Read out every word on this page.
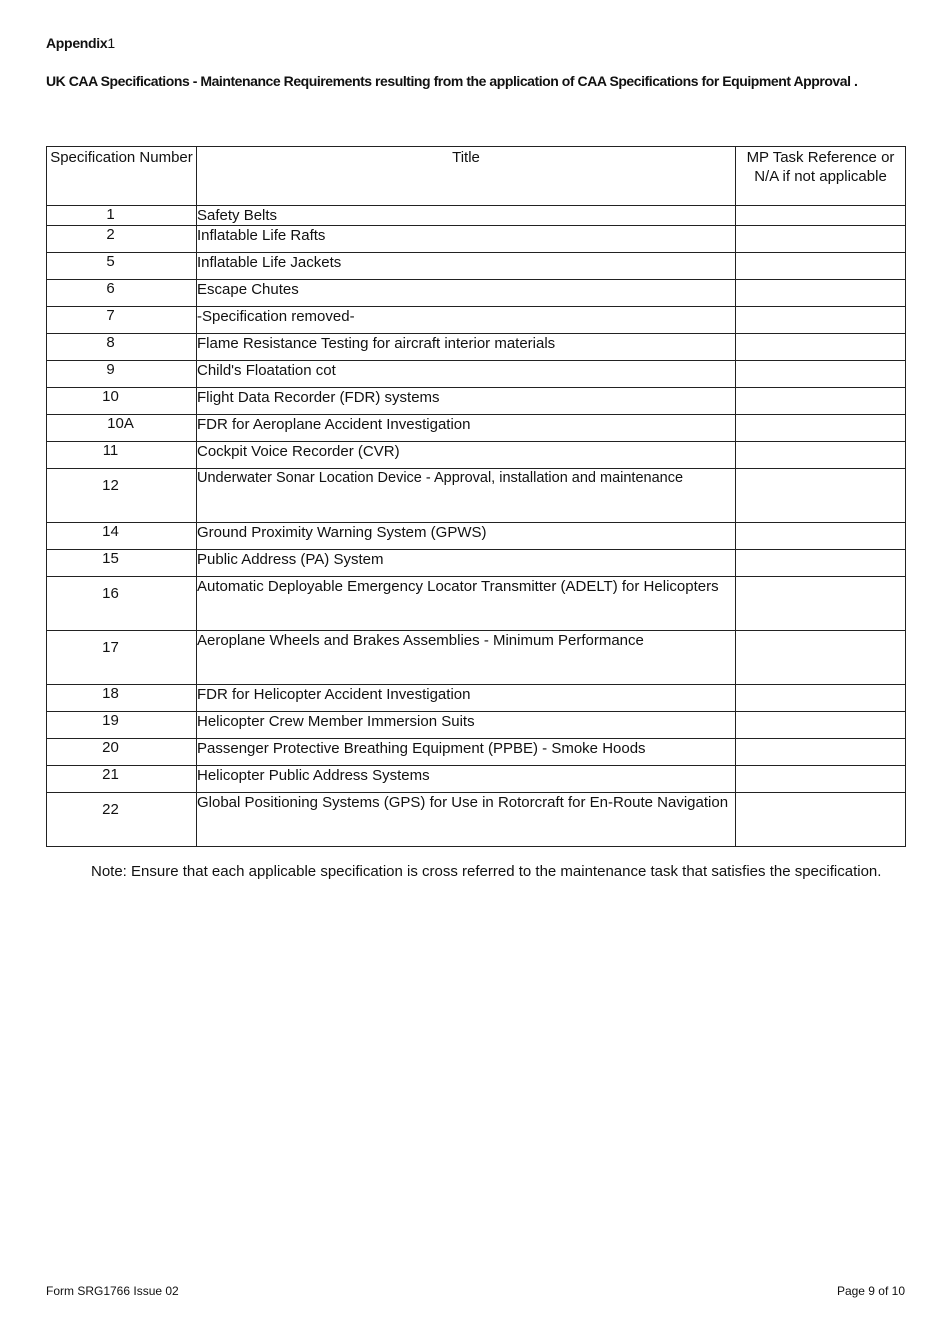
Appendix1
UK CAA Specifications - Maintenance Requirements resulting from the application of CAA Specifications for Equipment Approval .
Specification Number	Title	MP Task Reference or N/A if not applicable
1	Safety Belts	
2	Inflatable Life Rafts	
5	Inflatable Life Jackets	
6	Escape Chutes	
7	-Specification removed-	
8	Flame Resistance Testing for aircraft interior materials	
9	Child's Floatation cot	
10	Flight Data Recorder (FDR) systems	
10A	FDR for Aeroplane Accident Investigation	
11	Cockpit Voice Recorder (CVR)	
12	Underwater Sonar Location Device - Approval, installation and maintenance	
14	Ground Proximity Warning System (GPWS)	
15	Public Address (PA) System	
16	Automatic Deployable Emergency Locator Transmitter (ADELT) for Helicopters	
17	Aeroplane Wheels and Brakes Assemblies - Minimum Performance	
18	FDR for Helicopter Accident Investigation	
19	Helicopter Crew Member Immersion Suits	
20	Passenger Protective Breathing Equipment (PPBE) - Smoke Hoods	
21	Helicopter Public Address Systems	
22	Global Positioning Systems (GPS) for Use in Rotorcraft for En-Route Navigation	
Note: Ensure that each applicable specification is cross referred to the maintenance task that satisfies the specification.
Form SRG1766 Issue 02	Page 9 of 10
